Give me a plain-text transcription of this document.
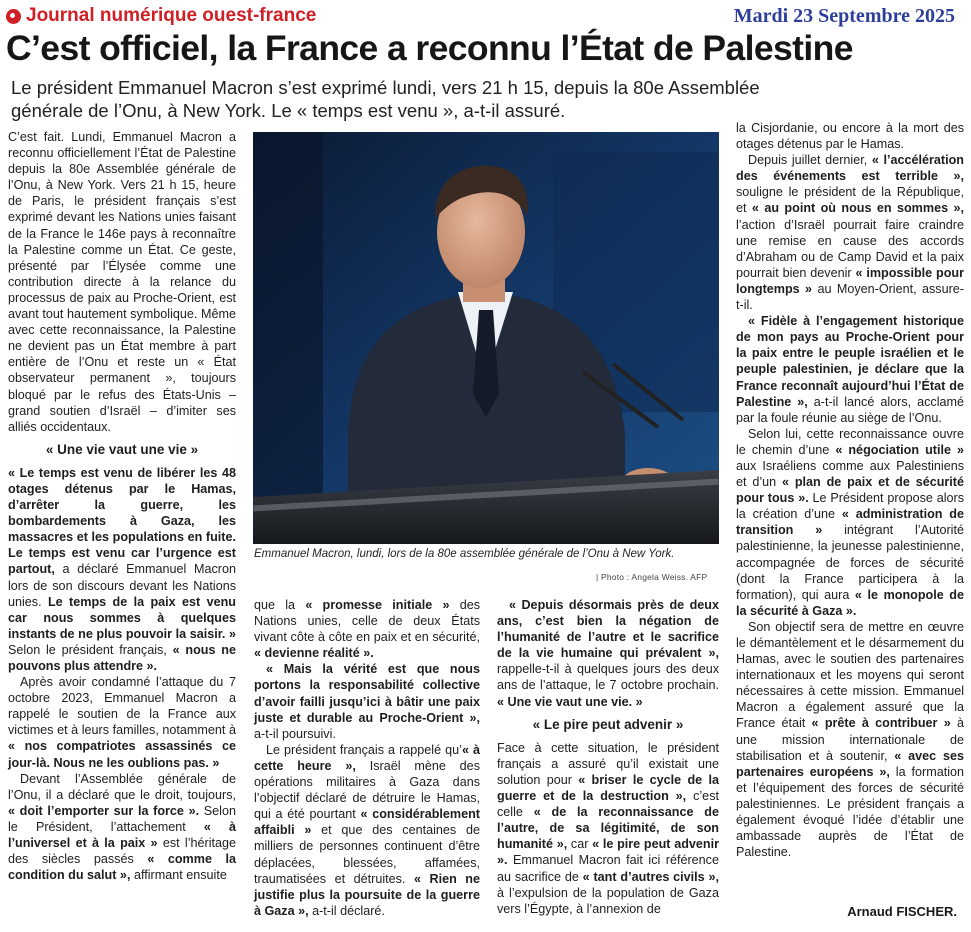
Journal numérique ouest-france	Mardi 23 Septembre 2025
C’est officiel, la France a reconnu l’État de Palestine
Le président Emmanuel Macron s’est exprimé lundi, vers 21 h 15, depuis la 80e Assemblée générale de l’Onu, à New York. Le « temps est venu », a-t-il assuré.

C’est fait. Lundi, Emmanuel Macron a reconnu officiellement l’État de Palestine depuis la 80e Assemblée générale de l’Onu, à New York. Vers 21 h 15, heure de Paris, le président français s’est exprimé devant les Nations unies faisant de la France le 146e pays à reconnaître la Palestine comme un État. Ce geste, présenté par l’Élysée comme une contribution directe à la relance du processus de paix au Proche-Orient, est avant tout hautement symbolique. Même avec cette reconnaissance, la Palestine ne devient pas un État membre à part entière de l’Onu et reste un « État observateur permanent », toujours bloqué par le refus des États-Unis – grand soutien d’Israël – d’imiter ses alliés occidentaux.

« Une vie vaut une vie »

« Le temps est venu de libérer les 48 otages détenus par le Hamas, d’arrêter la guerre, les bombardements à Gaza, les massacres et les populations en fuite. Le temps est venu car l’urgence est partout, a déclaré Emmanuel Macron lors de son discours devant les Nations unies. Le temps de la paix est venu car nous sommes à quelques instants de ne plus pouvoir la saisir. » Selon le président français, « nous ne pouvons plus attendre ».

Après avoir condamné l’attaque du 7 octobre 2023, Emmanuel Macron a rappelé le soutien de la France aux victimes et à leurs familles, notamment à « nos compatriotes assassinés ce jour-là. Nous ne les oublions pas. »

Devant l’Assemblée générale de l’Onu, il a déclaré que le droit, toujours, « doit l’emporter sur la force ». Selon le Président, l’attachement « à l’universel et à la paix » est l’héritage des siècles passés « comme la condition du salut », affirmant ensuite

Emmanuel Macron, lundi, lors de la 80e assemblée générale de l’Onu à New York.
| Photo : Angela Weiss. AFP

que la « promesse initiale » des Nations unies, celle de deux États vivant côte à côte en paix et en sécurité, « devienne réalité ».

« Mais la vérité est que nous portons la responsabilité collective d’avoir failli jusqu’ici à bâtir une paix juste et durable au Proche-Orient », a-t-il poursuivi.

Le président français a rappelé qu’« à cette heure », Israël mène des opérations militaires à Gaza dans l’objectif déclaré de détruire le Hamas, qui a été pourtant « considérablement affaibli » et que des centaines de milliers de personnes continuent d’être déplacées, blessées, affamées, traumatisées et détruites. « Rien ne justifie plus la poursuite de la guerre à Gaza », a-t-il déclaré.

« Depuis désormais près de deux ans, c’est bien la négation de l’humanité de l’autre et le sacrifice de la vie humaine qui prévalent », rappelle-t-il à quelques jours des deux ans de l’attaque, le 7 octobre prochain. « Une vie vaut une vie. »

« Le pire peut advenir »

Face à cette situation, le président français a assuré qu’il existait une solution pour « briser le cycle de la guerre et de la destruction », c’est celle « de la reconnaissance de l’autre, de sa légitimité, de son humanité », car « le pire peut advenir ». Emmanuel Macron fait ici référence au sacrifice de « tant d’autres civils », à l’expulsion de la population de Gaza vers l’Égypte, à l’annexion de

la Cisjordanie, ou encore à la mort des otages détenus par le Hamas.

Depuis juillet dernier, « l’accélération des événements est terrible », souligne le président de la République, et « au point où nous en sommes », l’action d’Israël pourrait faire craindre une remise en cause des accords d’Abraham ou de Camp David et la paix pourrait bien devenir « impossible pour longtemps » au Moyen-Orient, assure-t-il.

« Fidèle à l’engagement historique de mon pays au Proche-Orient pour la paix entre le peuple israélien et le peuple palestinien, je déclare que la France reconnaît aujourd’hui l’État de Palestine », a-t-il lancé alors, acclamé par la foule réunie au siège de l’Onu.

Selon lui, cette reconnaissance ouvre le chemin d’une « négociation utile » aux Israéliens comme aux Palestiniens et d’un « plan de paix et de sécurité pour tous ». Le Président propose alors la création d’une « administration de transition » intégrant l’Autorité palestinienne, la jeunesse palestinienne, accompagnée de forces de sécurité (dont la France participera à la formation), qui aura « le monopole de la sécurité à Gaza ».

Son objectif sera de mettre en œuvre le démantèlement et le désarmement du Hamas, avec le soutien des partenaires internationaux et les moyens qui seront nécessaires à cette mission. Emmanuel Macron a également assuré que la France était « prête à contribuer » à une mission internationale de stabilisation et à soutenir, « avec ses partenaires européens », la formation et l’équipement des forces de sécurité palestiniennes. Le président français a également évoqué l’idée d’établir une ambassade auprès de l’État de Palestine.

Arnaud FISCHER.
